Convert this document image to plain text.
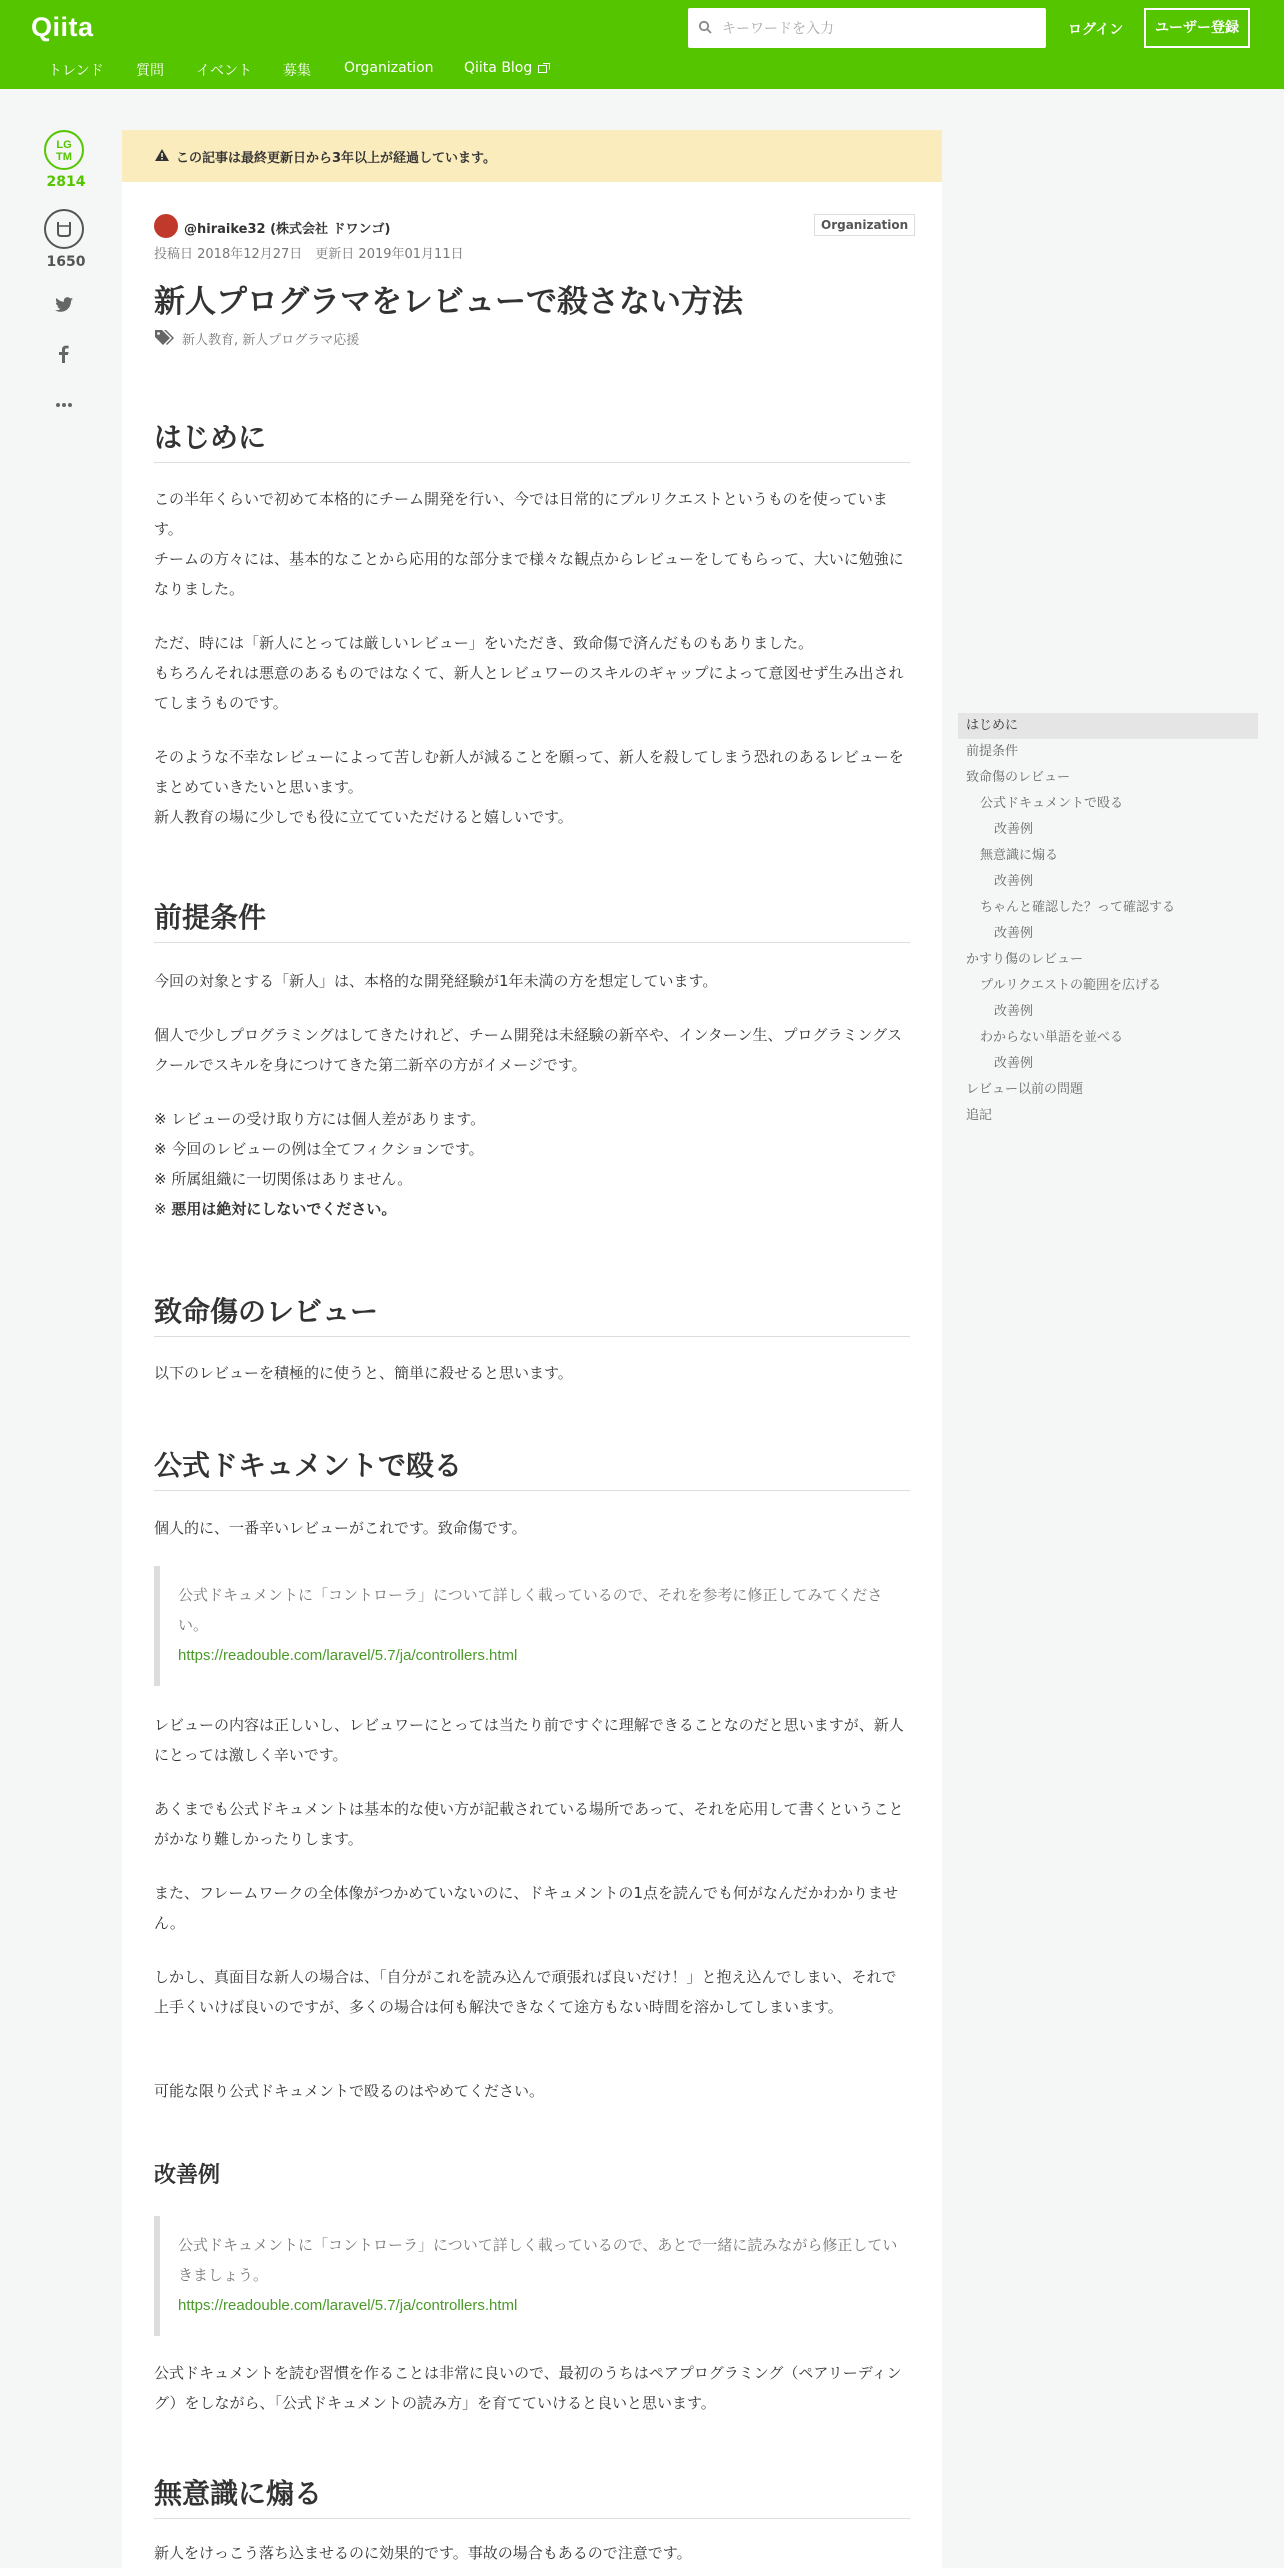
Qiita
キーワードを入力	ログイン	ユーザー登録
トレンド 質問 イベント 募集 Organization Qiita Blog
LG
TM
2814
1650
この記事は最終更新日から3年以上が経過しています。
@hiraike32 (株式会社 ドワンゴ)	Organization
投稿日 2018年12月27日　更新日 2019年01月11日
新人プログラマをレビューで殺さない方法
新人教育, 新人プログラマ応援
はじめに

この半年くらいで初めて本格的にチーム開発を行い、今では日常的にプルリクエストというものを使っています。

チームの方々には、基本的なことから応用的な部分まで様々な観点からレビューをしてもらって、大いに勉強になりました。

ただ、時には「新人にとっては厳しいレビュー」をいただき、致命傷で済んだものもありました。

もちろんそれは悪意のあるものではなくて、新人とレビュワーのスキルのギャップによって意図せず生み出されてしまうものです。

そのような不幸なレビューによって苦しむ新人が減ることを願って、新人を殺してしまう恐れのあるレビューをまとめていきたいと思います。

新人教育の場に少しでも役に立てていただけると嬉しいです。

前提条件

今回の対象とする「新人」は、本格的な開発経験が1年未満の方を想定しています。

個人で少しプログラミングはしてきたけれど、チーム開発は未経験の新卒や、インターン生、プログラミングスクールでスキルを身につけてきた第二新卒の方がイメージです。

※ レビューの受け取り方には個人差があります。

※ 今回のレビューの例は全てフィクションです。

※ 所属組織に一切関係はありません。

※ 悪用は絶対にしないでください。

致命傷のレビュー

以下のレビューを積極的に使うと、簡単に殺せると思います。

公式ドキュメントで殴る

個人的に、一番辛いレビューがこれです。致命傷です。

公式ドキュメントに「コントローラ」について詳しく載っているので、それを参考に修正してみてください。
https://readouble.com/laravel/5.7/ja/controllers.html

レビューの内容は正しいし、レビュワーにとっては当たり前ですぐに理解できることなのだと思いますが、新人にとっては激しく辛いです。

あくまでも公式ドキュメントは基本的な使い方が記載されている場所であって、それを応用して書くということがかなり難しかったりします。

また、フレームワークの全体像がつかめていないのに、ドキュメントの1点を読んでも何がなんだかわかりません。

しかし、真面目な新人の場合は、「自分がこれを読み込んで頑張れば良いだけ！」と抱え込んでしまい、それで上手くいけば良いのですが、多くの場合は何も解決できなくて途方もない時間を溶かしてしまいます。

可能な限り公式ドキュメントで殴るのはやめてください。

改善例
公式ドキュメントに「コントローラ」について詳しく載っているので、あとで一緒に読みながら修正していきましょう。
https://readouble.com/laravel/5.7/ja/controllers.html

公式ドキュメントを読む習慣を作ることは非常に良いので、最初のうちはペアプログラミング（ペアリーディング）をしながら、「公式ドキュメントの読み方」を育てていけると良いと思います。

無意識に煽る

新人をけっこう落ち込ませるのに効果的です。事故の場合もあるので注意です。

はじめに
前提条件
致命傷のレビュー
公式ドキュメントで殴る
改善例
無意識に煽る
改善例
ちゃんと確認した？って確認する
改善例
かすり傷のレビュー
プルリクエストの範囲を広げる
改善例
わからない単語を並べる
改善例
レビュー以前の問題
追記
